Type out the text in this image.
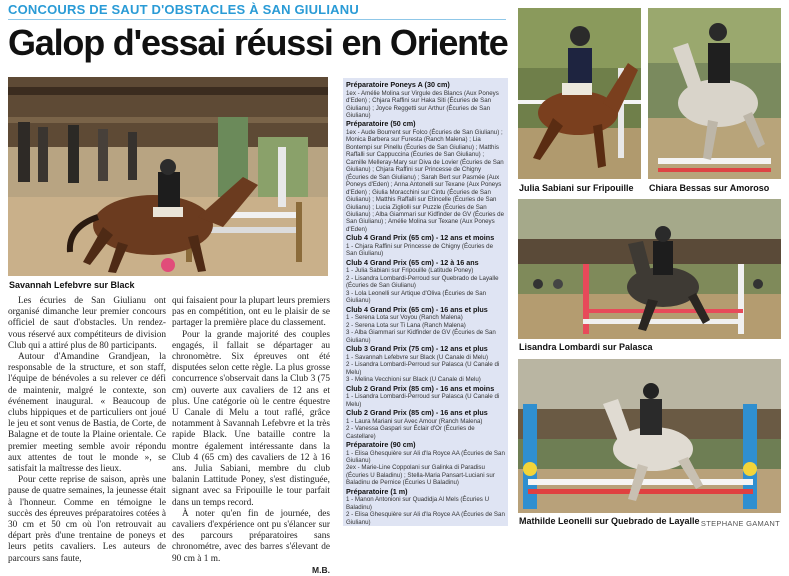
CONCOURS DE SAUT D'OBSTACLES À SAN GIULIANU
Galop d'essai réussi en Oriente
Savannah Lefebvre sur Black

Les écuries de San Giulianu ont organisé dimanche leur premier concours officiel de saut d'obstacles. Un rendez-vous réservé aux compétiteurs de division Club qui a attiré plus de 80 participants.

Autour d'Amandine Grandjean, la responsable de la structure, et son staff, l'équipe de bénévoles a su relever ce défi de maintenir, malgré le contexte, son événement inaugural. « Beaucoup de clubs hippiques et de particuliers ont joué le jeu et sont venus de Bastia, de Corte, de Balagne et de toute la Plaine orientale. Ce premier meeting semble avoir répondu aux attentes de tout le monde », se satisfait la maîtresse des lieux.

Pour cette reprise de saison, après une pause de quatre semaines, la jeunesse était à l'honneur. Comme en témoigne le succès des épreuves préparatoires cotées à 30 cm et 50 cm où l'on retrouvait au départ près d'une trentaine de poneys et leurs petits cavaliers. Les auteurs de parcours sans faute,

qui faisaient pour la plupart leurs premiers pas en compétition, ont eu le plaisir de se partager la première place du classement.

Pour la grande majorité des couples engagés, il fallait se départager au chronomètre. Six épreuves ont été disputées selon cette règle. La plus grosse concurrence s'observait dans la Club 3 (75 cm) ouverte aux cavaliers de 12 ans et plus. Une catégorie où le centre équestre U Canale di Melu a tout raflé, grâce notamment à Savannah Lefebvre et la très rapide Black. Une bataille contre la montre également intéressante dans la Club 4 (65 cm) des cavaliers de 12 à 16 ans. Julia Sabiani, membre du club balanin Lattitude Poney, s'est distinguée, signant avec sa Fripouille le tour parfait dans un temps record.

À noter qu'en fin de journée, des cavaliers d'expérience ont pu s'élancer sur des parcours préparatoires sans chronométre, avec des barres s'élevant de 90 cm à 1 m.

M.B.
Préparatoire Poneys A (30 cm)
1ex - Amélie Molina sur Virgule des Blancs (Aux Poneys d'Eden) ; Chjara Raffini sur Haka Siti (Écuries de San Giulianu) ; Joyce Reggetti sur Arthur (Écuries de San Giulianu)
Préparatoire (50 cm)
1ex - Aude Bourrent sur Folco (Écuries de San Giulianu) ; Monica Barbera sur Furesta (Ranch Malena) ; Lia Bontempi sur Pinellu (Écuries de San Giulianu) ; Matthis Raffalli sur Cappuccina (Écuries de San Giulianu) ; Camille Melleray-Mary sur Diva de Lovier (Écuries de San Giulianu) ; Chjara Raffini sur Princesse de Chigny (Écuries de San Giulianu) ; Sarah Bert sur Pasmée (Aux Poneys d'Eden) ; Anna Antonelli sur Texane (Aux Poneys d'Eden) ; Giulia Moracchini sur Cintu (Écuries de San Giulianu) ; Matthis Raffalli sur Etincelle (Écuries de San Giulianu) ; Lucia Zigliolli sur Puzzle (Écuries de San Giulianu) ; Alba Giammari sur Kidfinder de GV (Écuries de San Giulianu) ; Amélie Molina sur Texane (Aux Poneys d'Eden)
Club 4 Grand Prix (65 cm) - 12 ans et moins
1 - Chjara Raffini sur Princesse de Chigny (Écuries de San Giulianu)
Club 4 Grand Prix (65 cm) - 12 à 16 ans
1 - Julia Sabiani sur Fripouille (Latitude Poney)
2 - Lisandra Lombardi-Perroud sur Quebrado de Layalle (Écuries de San Giulianu)
3 - Lola Leonelli sur Artique d'Oliva (Écuries de San Giulianu)
Club 4 Grand Prix (65 cm) - 16 ans et plus
1 - Serena Lota sur Voyou (Ranch Malena)
2 - Serena Lota sur Ti Lana (Ranch Malena)
3 - Alba Giammari sur Kidfinder de GV (Écuries de San Giulianu)
Club 3 Grand Prix (75 cm) - 12 ans et plus
1 - Savannah Lefebvre sur Black (U Canale di Melu)
2 - Lisandra Lombardi-Perroud sur Palasca (U Canale di Melu)
3 - Melina Vecchioni sur Black (U Canale di Melu)
Club 2 Grand Prix (85 cm) - 16 ans et moins
1 - Lisandra Lombardi-Perroud sur Palasca (U Canale di Melu)
Club 2 Grand Prix (85 cm) - 16 ans et plus
1 - Laura Mariani sur Avec Amour (Ranch Malena)
2 - Vanessa Gaspari sur Éclair d'Or (Écuries de Castellare)
Préparatoire (90 cm)
1 - Elisa Ghesquière sur Ali d'la Royce AA (Écuries de San Giulianu)
2ex - Marie-Line Coppolani sur Galinka di Paradisu (Écuries U Baladinu) ; Stella-Maria Pansart-Luciani sur Baladinu de Pernice (Écuries U Baladinu)
Préparatoire (1 m)
1 - Manon Antonioni sur Quadidja Al Mels (Écuries U Baladinu)
2 - Elisa Ghesquière sur Ali d'la Royce AA (Écuries de San Giulianu)
Julia Sabiani sur Fripouille Chiara Bessas sur Amoroso
Lisandra Lombardi sur Palasca
Mathilde Leonelli sur Quebrado de Layalle STEPHANE GAMANT
